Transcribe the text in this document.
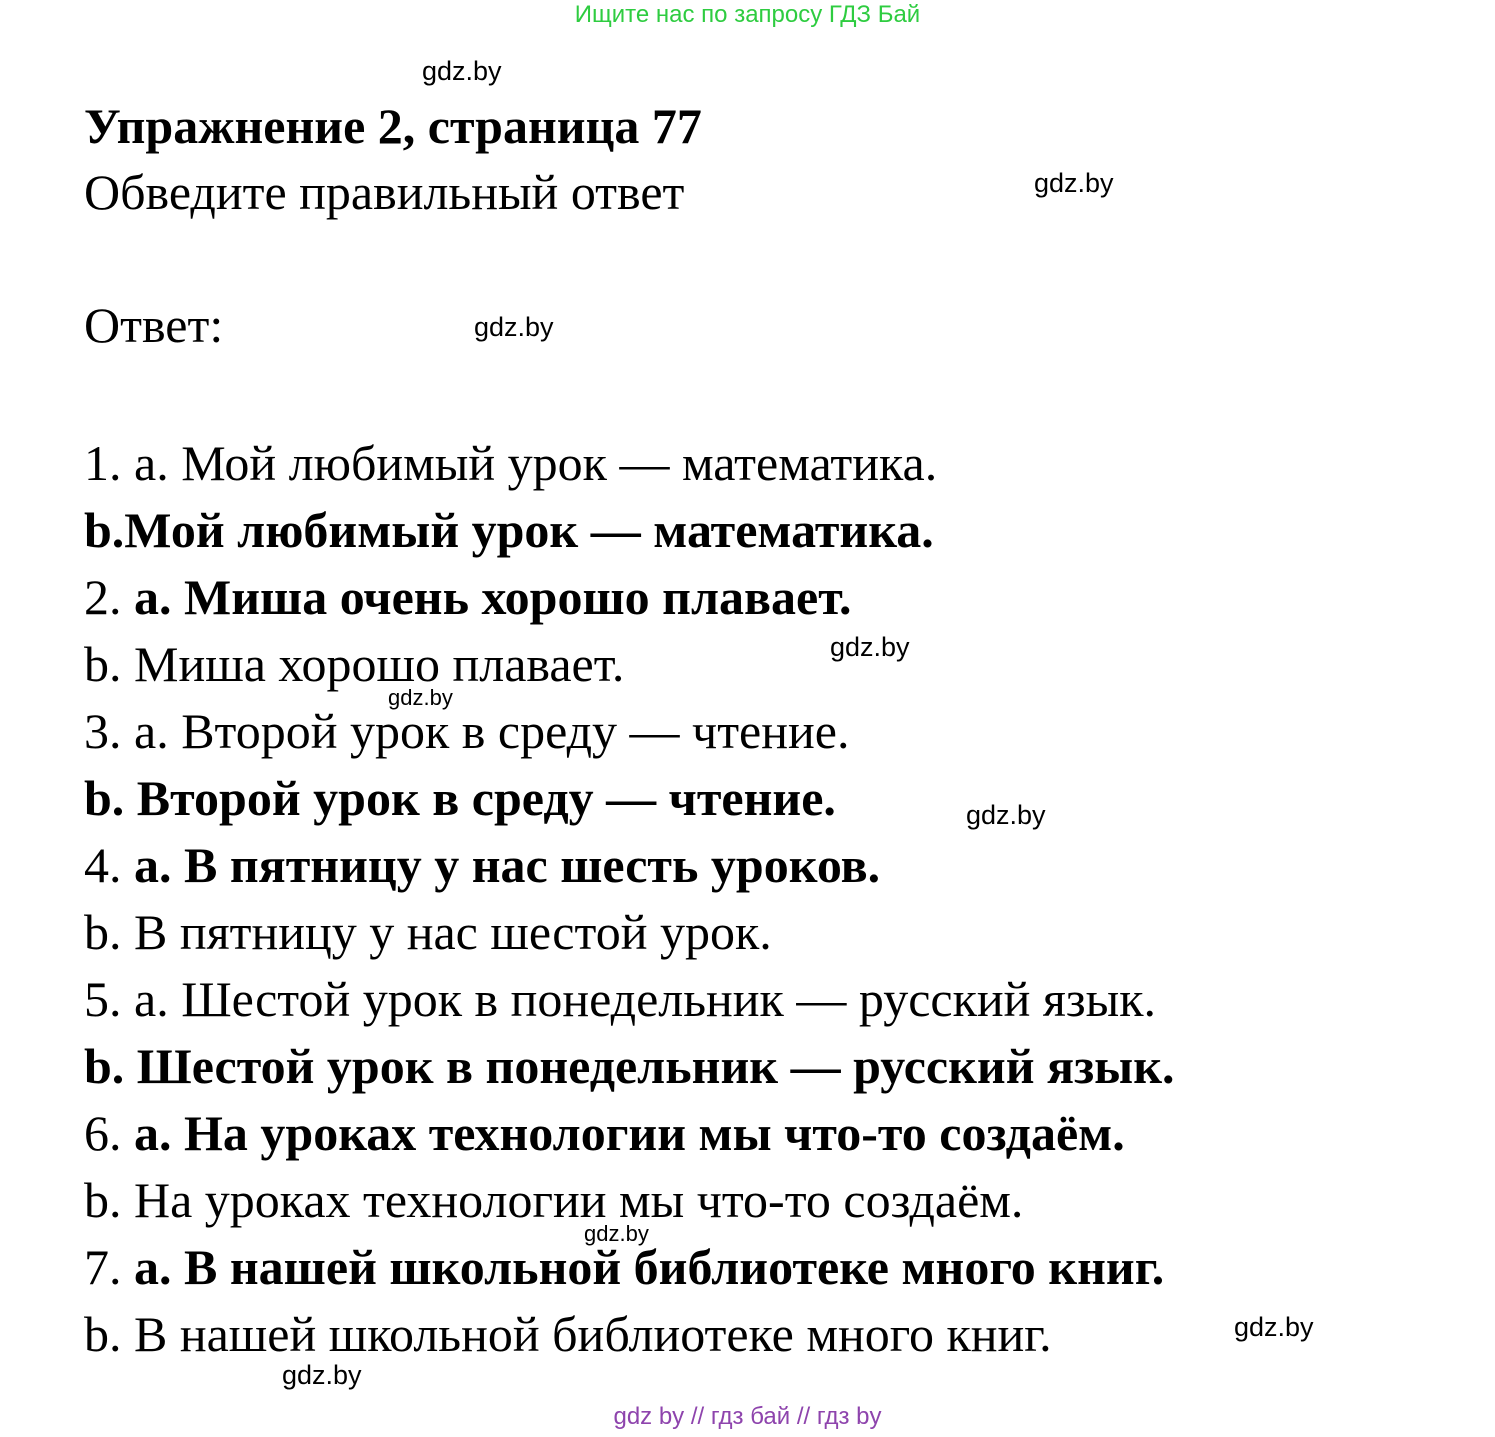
Ищите нас по запросу ГДЗ Бай
Упражнение 2, страница 77
Обведите правильный ответ
Ответ:
1. а. Мой любимый урок — математика.
b.Мой любимый урок — математика.
2. а. Миша очень хорошо плавает.
b. Миша хорошо плавает.
3. а. Второй урок в среду — чтение.
b. Второй урок в среду — чтение.
4. а. В пятницу у нас шесть уроков.
b. В пятницу у нас шестой урок.
5. а. Шестой урок в понедельник — русский язык.
b. Шестой урок в понедельник — русский язык.
6. а. На уроках технологии мы что-то создаём.
b. На уроках технологии мы что-то создаём.
7. а. В нашей школьной библиотеке много книг.
b. В нашей школьной библиотеке много книг.
gdz.by
gdz.by
gdz.by
gdz.by
gdz.by
gdz.by
gdz.by
gdz.by
gdz.by
gdz by // гдз бай // гдз by
